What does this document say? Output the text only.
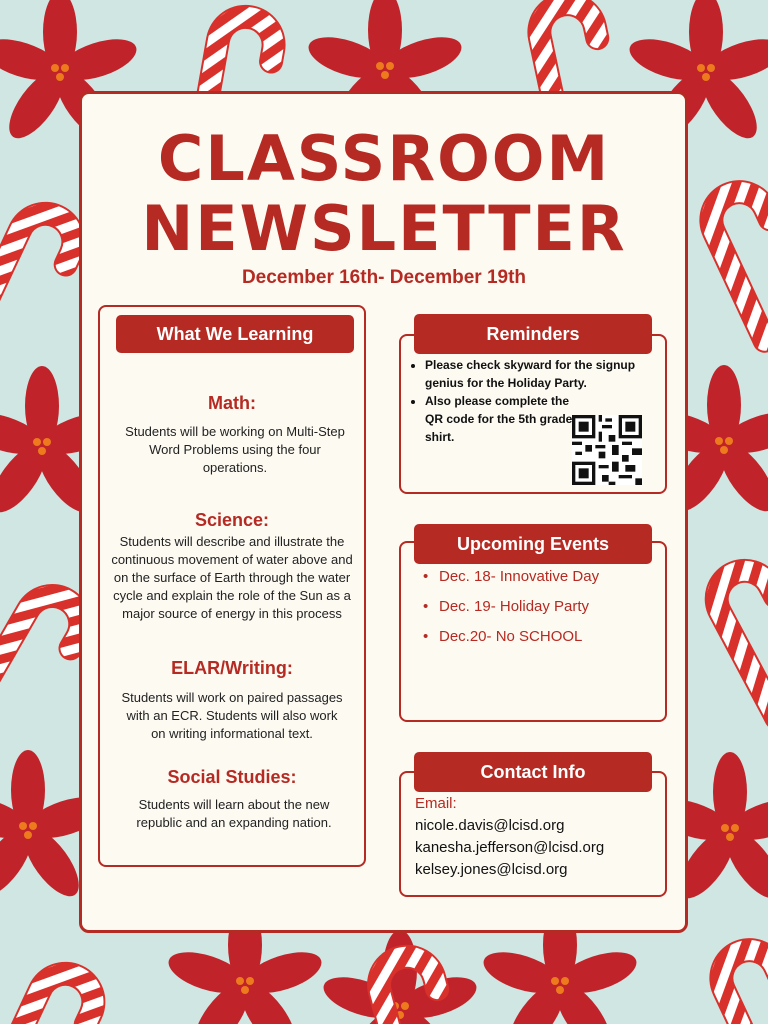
CLASSROOM
NEWSLETTER
December 16th- December 19th
What We Learning
Math:
Students will be working on Multi-Step Word Problems using the four operations.
Science:
Students will describe and illustrate the continuous movement of water above and on the surface of Earth through the water cycle and explain the role of the Sun as a major source of energy in this process
ELAR/Writing:
Students will work on paired passages with an ECR. Students will also work on writing informational text.
Social Studies:
Students will learn about the new republic and an expanding nation.
• Please check skyward for the signup genius for the Holiday Party.
• Also please complete the QR code for the 5th grade shirt.
Reminders
• Dec. 18- Innovative Day
• Dec. 19- Holiday Party
• Dec.20- No SCHOOL
Upcoming Events
Email:
nicole.davis@lcisd.org
kanesha.jefferson@lcisd.org
kelsey.jones@lcisd.org
Contact Info
